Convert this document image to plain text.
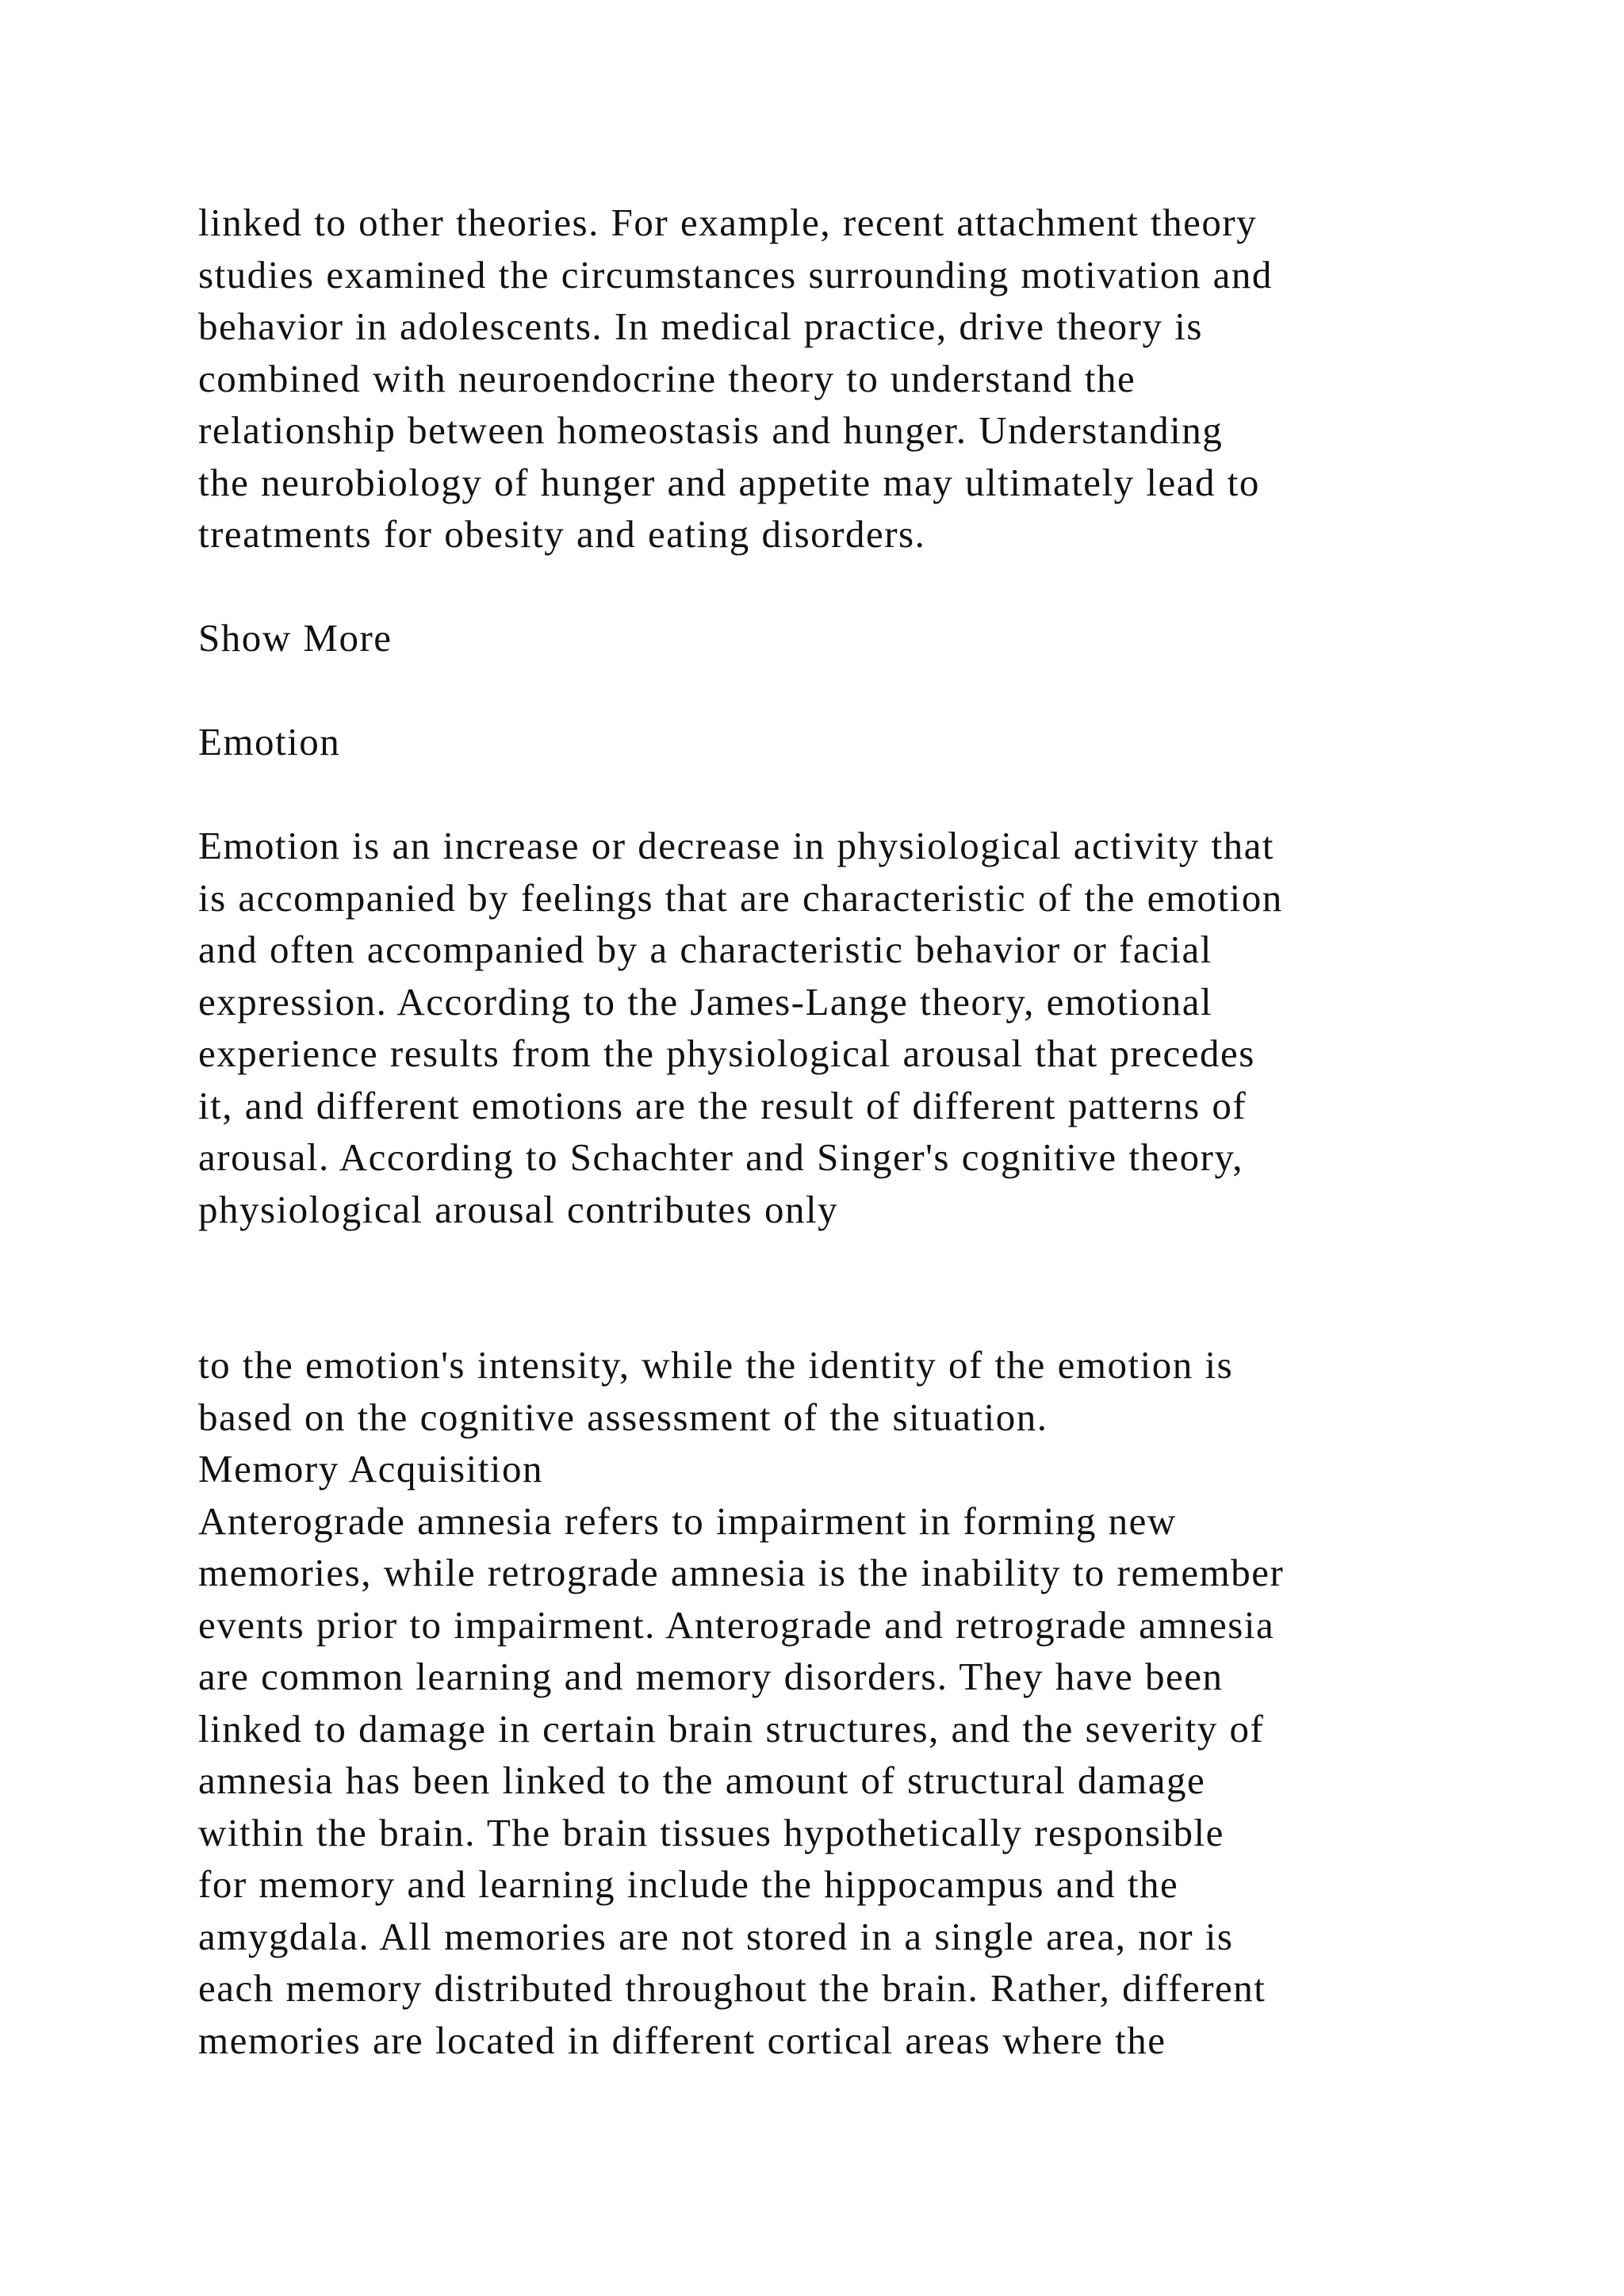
linked to other theories. For example, recent attachment theory
studies examined the circumstances surrounding motivation and
behavior in adolescents. In medical practice, drive theory is
combined with neuroendocrine theory to understand the
relationship between homeostasis and hunger. Understanding
the neurobiology of hunger and appetite may ultimately lead to
treatments for obesity and eating disorders.
Show More
Emotion
Emotion is an increase or decrease in physiological activity that
is accompanied by feelings that are characteristic of the emotion
and often accompanied by a characteristic behavior or facial
expression. According to the James-Lange theory, emotional
experience results from the physiological arousal that precedes
it, and different emotions are the result of different patterns of
arousal. According to Schachter and Singer's cognitive theory,
physiological arousal contributes only
to the emotion's intensity, while the identity of the emotion is
based on the cognitive assessment of the situation.
Memory Acquisition
Anterograde amnesia refers to impairment in forming new
memories, while retrograde amnesia is the inability to remember
events prior to impairment. Anterograde and retrograde amnesia
are common learning and memory disorders. They have been
linked to damage in certain brain structures, and the severity of
amnesia has been linked to the amount of structural damage
within the brain. The brain tissues hypothetically responsible
for memory and learning include the hippocampus and the
amygdala. All memories are not stored in a single area, nor is
each memory distributed throughout the brain. Rather, different
memories are located in different cortical areas where the
